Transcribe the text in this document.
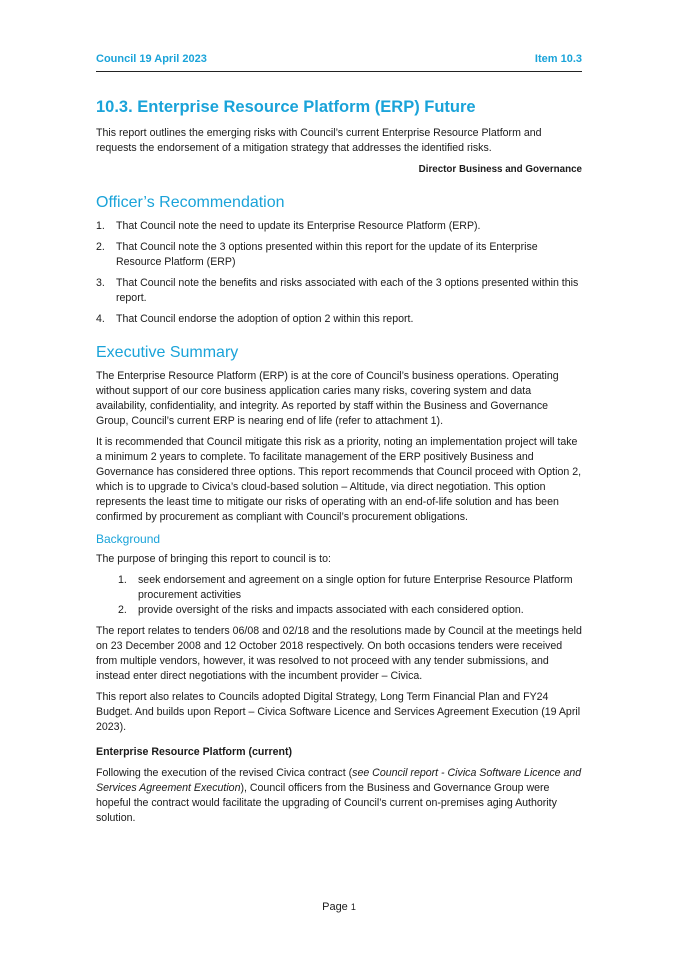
Council 19 April 2023	Item 10.3
10.3. Enterprise Resource Platform (ERP) Future

This report outlines the emerging risks with Council’s current Enterprise Resource Platform and requests the endorsement of a mitigation strategy that addresses the identified risks.

Director Business and Governance

Officer’s Recommendation
1. That Council note the need to update its Enterprise Resource Platform (ERP).
2. That Council note the 3 options presented within this report for the update of its Enterprise Resource Platform (ERP)
3. That Council note the benefits and risks associated with each of the 3 options presented within this report.
4. That Council endorse the adoption of option 2 within this report.
Executive Summary

The Enterprise Resource Platform (ERP) is at the core of Council’s business operations. Operating without support of our core business application caries many risks, covering system and data availability, confidentiality, and integrity. As reported by staff within the Business and Governance Group, Council’s current ERP is nearing end of life (refer to attachment 1).

It is recommended that Council mitigate this risk as a priority, noting an implementation project will take a minimum 2 years to complete. To facilitate management of the ERP positively Business and Governance has considered three options. This report recommends that Council proceed with Option 2, which is to upgrade to Civica’s cloud-based solution – Altitude, via direct negotiation. This option represents the least time to mitigate our risks of operating with an end-of-life solution and has been confirmed by procurement as compliant with Council’s procurement obligations.

Background

The purpose of bringing this report to council is to:

1. seek endorsement and agreement on a single option for future Enterprise Resource Platform procurement activities
2. provide oversight of the risks and impacts associated with each considered option.

The report relates to tenders 06/08 and 02/18 and the resolutions made by Council at the meetings held on 23 December 2008 and 12 October 2018 respectively. On both occasions tenders were received from multiple vendors, however, it was resolved to not proceed with any tender submissions, and instead enter direct negotiations with the incumbent provider – Civica.

This report also relates to Councils adopted Digital Strategy, Long Term Financial Plan and FY24 Budget. And builds upon Report – Civica Software Licence and Services Agreement Execution (19 April 2023).

Enterprise Resource Platform (current)

Following the execution of the revised Civica contract (see Council report - Civica Software Licence and Services Agreement Execution), Council officers from the Business and Governance Group were hopeful the contract would facilitate the upgrading of Council’s current on-premises aging Authority solution.

Page 1
